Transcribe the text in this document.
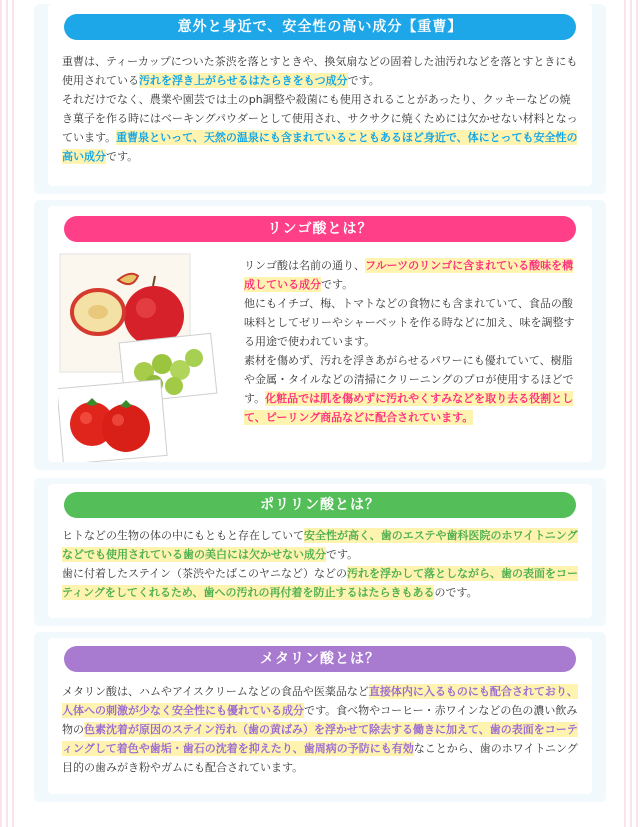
意外と身近で、安全性の高い成分【重曹】
重曹は、ティーカップについた茶渋を落とすときや、換気扇などの固着した油汚れなどを落とすときにも使用されている汚れを浮き上がらせるはたらきをもつ成分です。
それだけでなく、農業や園芸では土のph調整や殺菌にも使用されることがあったり、クッキーなどの焼き菓子を作る時にはベーキングパウダーとして使用され、サクサクに焼くためには欠かせない材料となっています。重曹泉といって、天然の温泉にも含まれていることもあるほど身近で、体にとっても安全性の高い成分です。
リンゴ酸とは？
リンゴ酸は名前の通り、フルーツのリンゴに含まれている酸味を構成している成分です。
他にもイチゴ、梅、トマトなどの食物にも含まれていて、食品の酸味料としてゼリーやシャーベットを作る時などに加え、味を調整する用途で使われています。
素材を傷めず、汚れを浮きあがらせるパワーにも優れていて、樹脂や金属・タイルなどの清掃にクリーニングのプロが使用するほどです。化粧品では肌を傷めずに汚れやくすみなどを取り去る役割として、ピーリング商品などに配合されています。
ポリリン酸とは？
ヒトなどの生物の体の中にもともと存在していて安全性が高く、歯のエステや歯科医院のホワイトニングなどでも使用されている歯の美白には欠かせない成分です。
歯に付着したステイン（茶渋やたばこのヤニなど）などの汚れを浮かして落としながら、歯の表面をコーティングをしてくれるため、歯への汚れの再付着を防止するはたらきもあるのです。
メタリン酸とは？
メタリン酸は、ハムやアイスクリームなどの食品や医薬品など直接体内に入るものにも配合されており、人体への刺激が少なく安全性にも優れている成分です。食べ物やコーヒー・赤ワインなどの色の濃い飲み物の色素沈着が原因のステイン汚れ（歯の黄ばみ）を浮かせて除去する働きに加えて、歯の表面をコーティングして着色や歯垢・歯石の沈着を抑えたり、歯周病の予防にも有効なことから、歯のホワイトニング目的の歯みがき粉やガムにも配合されています。
